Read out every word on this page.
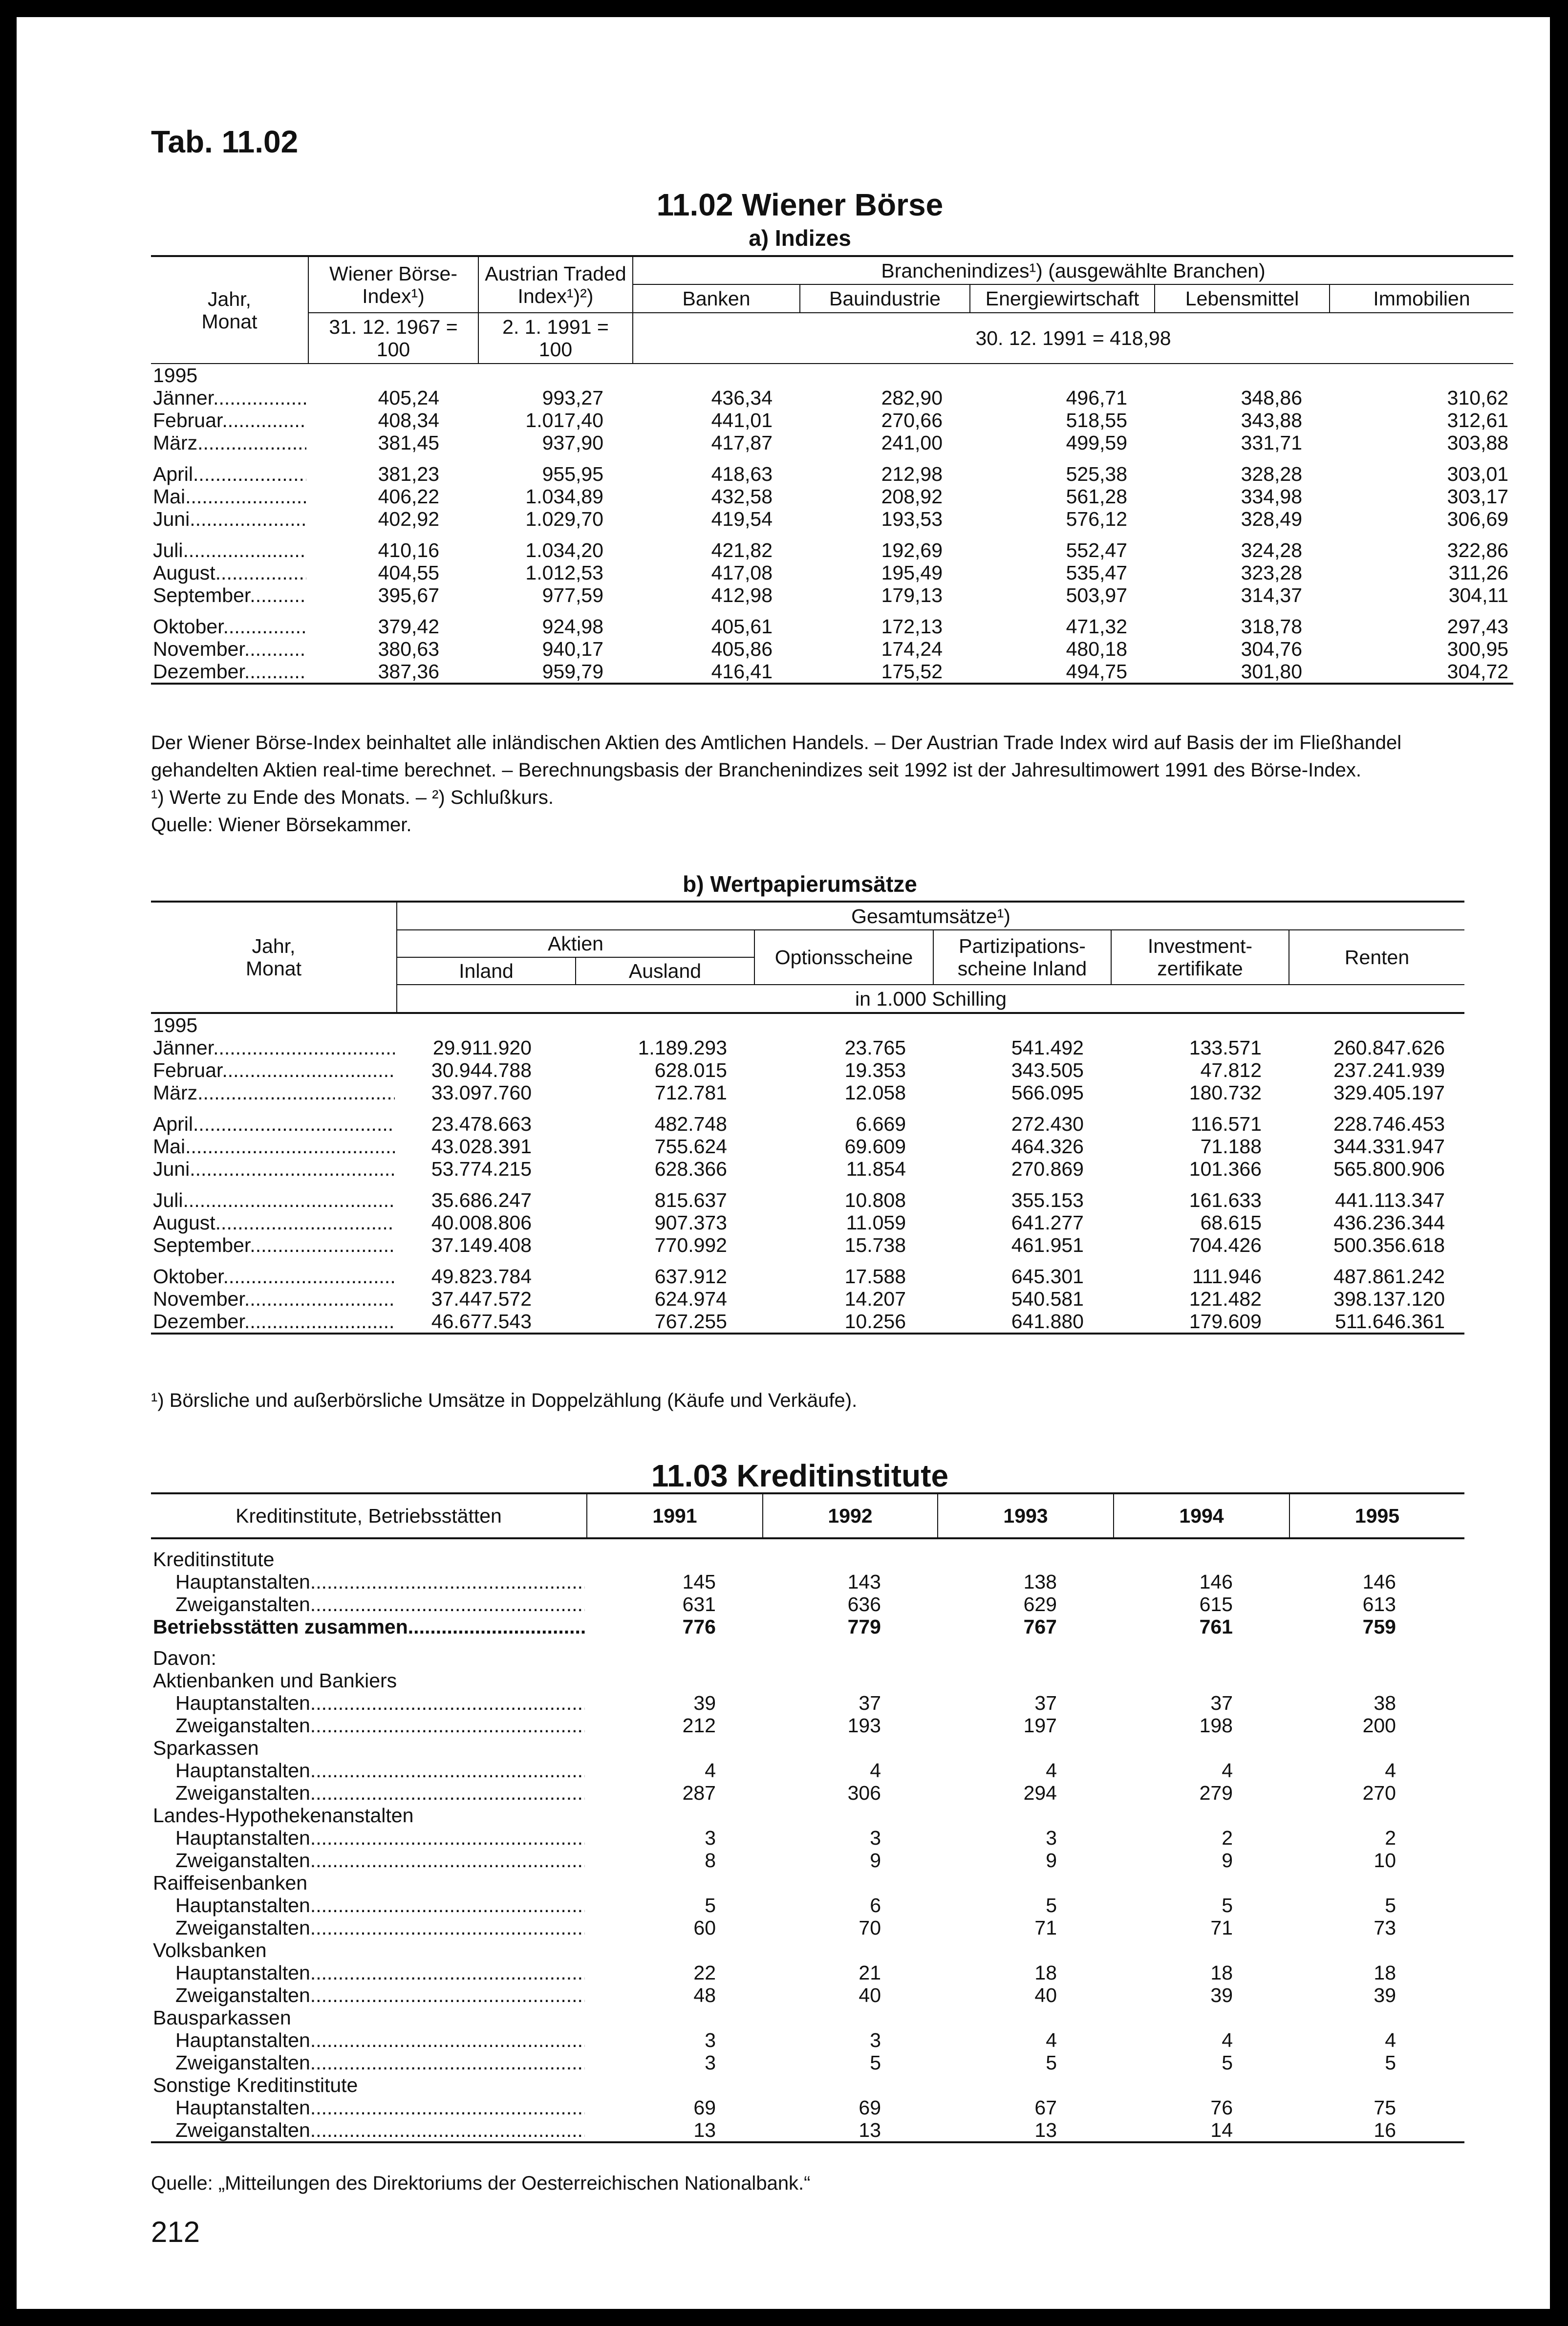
Tab. 11.02
11.02 Wiener Börse
a) Indizes
Jahr, Monat	Wiener Börse-Index¹)	Austrian Traded Index¹)²)	Branchenindizes¹) (ausgewählte Branchen)				
			Banken	Bauindustrie	Energiewirtschaft	Lebensmittel	Immobilien

	31. 12. 1967 = 100	2. 1. 1991 = 100	30. 12. 1991 = 418,98				
1995							

Jänner .....	405,24	993,27	436,34	282,90	496,71	348,86	310,62

Februar .....	408,34	1.017,40	441,01	270,66	518,55	343,88	312,61

März .....	381,45	937,90	417,87	241,00	499,59	331,71	303,88

April .....	381,23	955,95	418,63	212,98	525,38	328,28	303,01

Mai .....	406,22	1.034,89	432,58	208,92	561,28	334,98	303,17

Juni .....	402,92	1.029,70	419,54	193,53	576,12	328,49	306,69

Juli .....	410,16	1.034,20	421,82	192,69	552,47	324,28	322,86

August .....	404,55	1.012,53	417,08	195,49	535,47	323,28	311,26

September .....	395,67	977,59	412,98	179,13	503,97	314,37	304,11

Oktober .....	379,42	924,98	405,61	172,13	471,32	318,78	297,43

November .....	380,63	940,17	405,86	174,24	480,18	304,76	300,95

Dezember .....	387,36	959,79	416,41	175,52	494,75	301,80	304,72

Der Wiener Börse-Index beinhaltet alle inländischen Aktien des Amtlichen Handels. – Der Austrian Trade Index wird auf Basis der im Fließhandel

gehandelten Aktien real-time berechnet. – Berechnungsbasis der Branchenindizes seit 1992 ist der Jahresultimowert 1991 des Börse-Index.

¹) Werte zu Ende des Monats. – ²) Schlußkurs.

Quelle: Wiener Börsekammer.

b) Wertpapierumsätze
Jahr, Monat	Gesamtumsätze¹)					
	Aktien		Optionsscheine	Partizipations-scheine Inland	Investment-zertifikate	Renten
	Inland	Ausland				
	in 1.000 Schilling					
1995						

Jänner .....	29.911.920	1.189.293	23.765	541.492	133.571	260.847.626

Februar .....	30.944.788	628.015	19.353	343.505	47.812	237.241.939

März .....	33.097.760	712.781	12.058	566.095	180.732	329.405.197

April .....	23.478.663	482.748	6.669	272.430	116.571	228.746.453

Mai .....	43.028.391	755.624	69.609	464.326	71.188	344.331.947

Juni .....	53.774.215	628.366	11.854	270.869	101.366	565.800.906

Juli .....	35.686.247	815.637	10.808	355.153	161.633	441.113.347

August .....	40.008.806	907.373	11.059	641.277	68.615	436.236.344

September .....	37.149.408	770.992	15.738	461.951	704.426	500.356.618

Oktober .....	49.823.784	637.912	17.588	645.301	111.946	487.861.242

November .....	37.447.572	624.974	14.207	540.581	121.482	398.137.120

Dezember .....	46.677.543	767.255	10.256	641.880	179.609	511.646.361

¹) Börsliche und außerbörsliche Umsätze in Doppelzählung (Käufe und Verkäufe).

11.03 Kreditinstitute
Kreditinstitute, Betriebsstätten	1991	1992	1993	1994	1995

Kreditinstitute					

Hauptanstalten .....	145	143	138	146	146

Zweiganstalten .....	631	636	629	615	613

Betriebsstätten zusammen .....	776	779	767	761	759

Davon:					
Aktienbanken und Bankiers					

Hauptanstalten .....	39	37	37	37	38

Zweiganstalten .....	212	193	197	198	200
Sparkassen					

Hauptanstalten .....	4	4	4	4	4

Zweiganstalten .....	287	306	294	279	270
Landes-Hypothekenanstalten					

Hauptanstalten .....	3	3	3	2	2

Zweiganstalten .....	8	9	9	9	10
Raiffeisenbanken					

Hauptanstalten .....	5	6	5	5	5

Zweiganstalten .....	60	70	71	71	73
Volksbanken					

Hauptanstalten .....	22	21	18	18	18

Zweiganstalten .....	48	40	40	39	39
Bausparkassen					

Hauptanstalten .....	3	3	4	4	4

Zweiganstalten .....	3	5	5	5	5
Sonstige Kreditinstitute					

Hauptanstalten .....	69	69	67	76	75

Zweiganstalten .....	13	13	13	14	16

Quelle: „Mitteilungen des Direktoriums der Oesterreichischen Nationalbank.“

212
